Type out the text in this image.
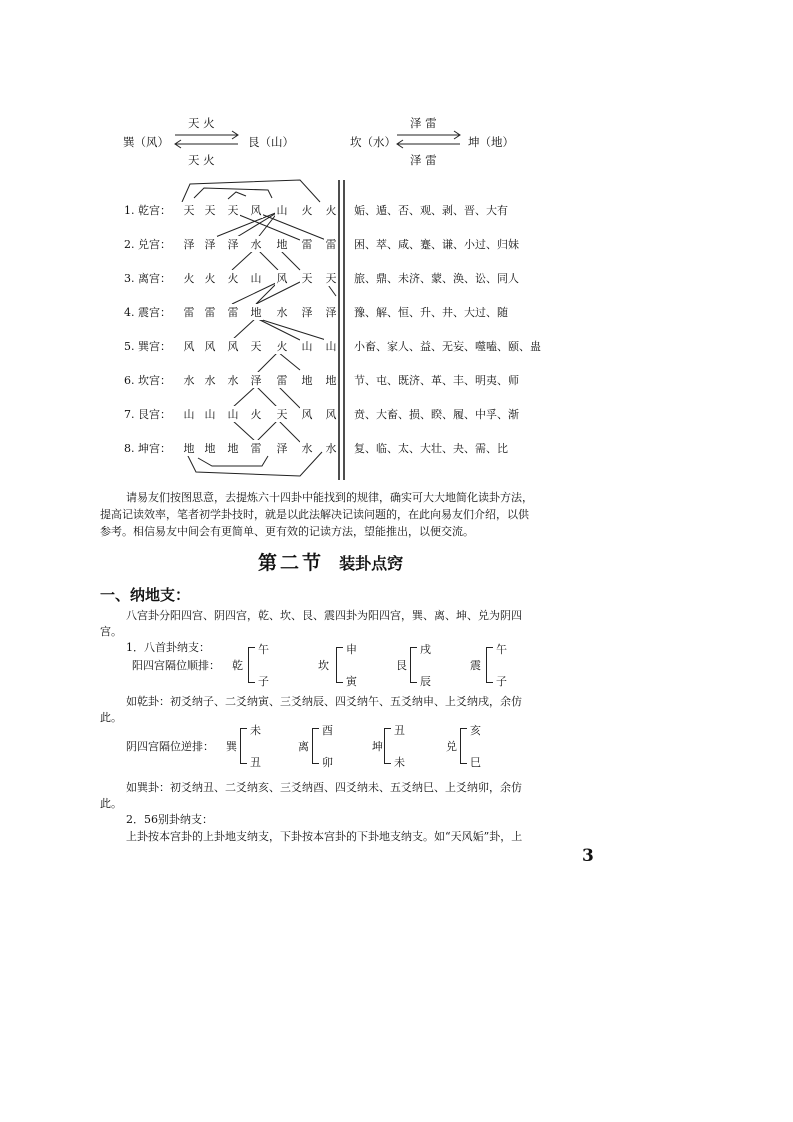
天 火
巽（风）	艮（山）
天 火
泽 雷
坎（水）	坤（地）
泽 雷
1. 乾宫： 天 天 天 风 山 火 火 姤、遁、否、观、剥、晋、大有
2. 兑宫： 泽 泽 泽 水 地 雷 雷 困、萃、咸、蹇、谦、小过、归妹
3. 离宫： 火 火 火 山 风 天 天 旅、鼎、未济、蒙、涣、讼、同人
4. 震宫： 雷 雷 雷 地 水 泽 泽 豫、解、恒、升、井、大过、随
5. 巽宫： 风 风 风 天 火 山 山 小畜、家人、益、无妄、噬嗑、颐、蛊
6. 坎宫： 水 水 水 泽 雷 地 地 节、屯、既济、革、丰、明夷、师
7. 艮宫： 山 山 山 火 天 风 风 贲、大畜、损、睽、履、中孚、渐
8. 坤宫： 地 地 地 雷 泽 水 水 复、临、太、大壮、夬、需、比
请易友们按图思意，去提炼六十四卦中能找到的规律，确实可大大地简化读卦方法，
提高记读效率，笔者初学卦技时，就是以此法解决记读问题的，在此向易友们介绍，以供
参考。相信易友中间会有更简单、更有效的记读方法，望能推出，以便交流。
第二节 装卦点窍
一、纳地支：
八宫卦分阳四宫、阴四宫，乾、坎、艮、震四卦为阳四宫，巽、离、坤、兑为阴四
宫。
1．八首卦纳支：
阳四宫隔位顺排： 乾
午
子
坎
申
寅
艮
戌
辰
震
午
子
如乾卦：初爻纳子、二爻纳寅、三爻纳辰、四爻纳午、五爻纳申、上爻纳戌，余仿
此。
阴四宫隔位逆排： 巽
未
丑
离
酉
卯
坤
丑
未
兑
亥
巳
如巽卦：初爻纳丑、二爻纳亥、三爻纳酉、四爻纳未、五爻纳巳、上爻纳卯，余仿
此。
2．56别卦纳支：
上卦按本宫卦的上卦地支纳支，下卦按本宫卦的下卦地支纳支。如“天风姤”卦，上
3
